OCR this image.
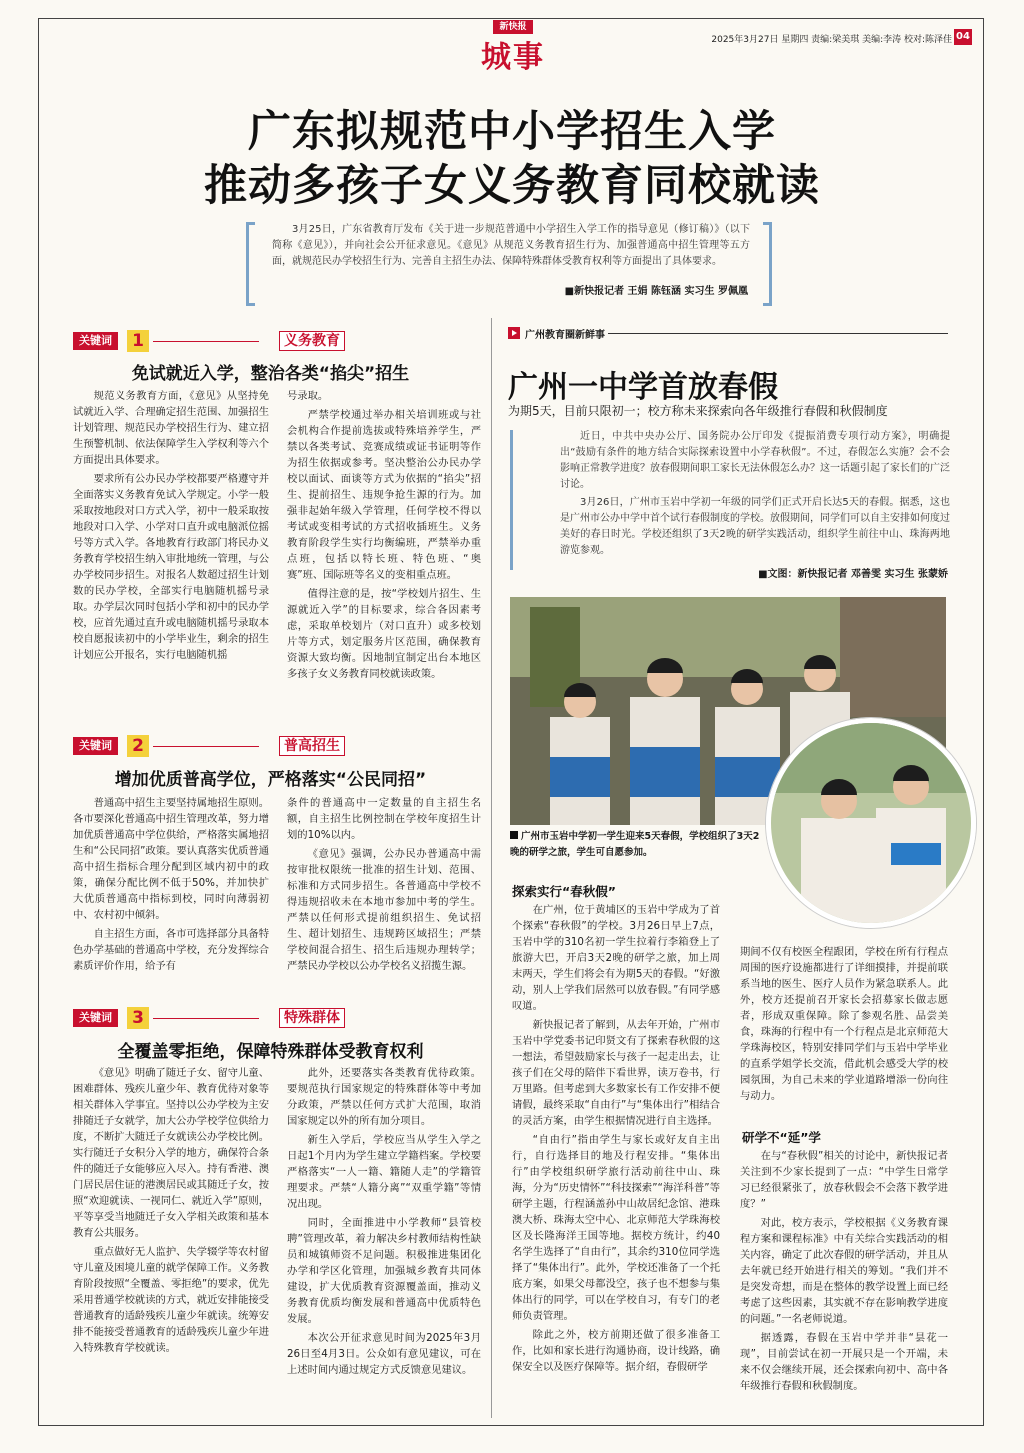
新快报
城事	2025年3月27日 星期四 责编:梁美琪 美编:李涛 校对:陈泽佳 04
广东拟规范中小学招生入学
推动多孩子女义务教育同校就读
3月25日，广东省教育厅发布《关于进一步规范普通中小学招生入学工作的指导意见（修订稿）》（以下简称《意见》），并向社会公开征求意见。《意见》从规范义务教育招生行为、加强普通高中招生管理等五方面，就规范民办学校招生行为、完善自主招生办法、保障特殊群体受教育权利等方面提出了具体要求。
■新快报记者 王娟 陈钰涵 实习生 罗佩凰
关键词	1	义务教育
免试就近入学，整治各类“掐尖”招生

规范义务教育方面，《意见》从坚持免试就近入学、合理确定招生范围、加强招生计划管理、规范民办学校招生行为、建立招生预警机制、依法保障学生入学权利等六个方面提出具体要求。

要求所有公办民办学校都要严格遵守并全面落实义务教育免试入学规定。小学一般采取按地段对口方式入学，初中一般采取按地段对口入学、小学对口直升或电脑派位摇号等方式入学。各地教育行政部门将民办义务教育学校招生纳入审批地统一管理，与公办学校同步招生。对报名人数超过招生计划数的民办学校，全部实行电脑随机摇号录取。办学层次同时包括小学和初中的民办学校，应首先通过直升或电脑随机摇号录取本校自愿报读初中的小学毕业生，剩余的招生计划应公开报名，实行电脑随机摇

号录取。

严禁学校通过举办相关培训班或与社会机构合作提前选拔或特殊培养学生，严禁以各类考试、竞赛成绩或证书证明等作为招生依据或参考。坚决整治公办民办学校以面试、面谈等方式为依据的“掐尖”招生、提前招生、违规争抢生源的行为。加强非起始年级入学管理，任何学校不得以考试或变相考试的方式招收插班生。义务教育阶段学生实行均衡编班，严禁举办重点班，包括以特长班、特色班、“奥赛”班、国际班等名义的变相重点班。

值得注意的是，按“学校划片招生、生源就近入学”的目标要求，综合各因素考虑，采取单校划片（对口直升）或多校划片等方式，划定服务片区范围，确保教育资源大致均衡。因地制宜制定出台本地区多孩子女义务教育同校就读政策。

关键词	2	普高招生
增加优质普高学位，严格落实“公民同招”

普通高中招生主要坚持属地招生原则。各市要深化普通高中招生管理改革，努力增加优质普通高中学位供给，严格落实属地招生和“公民同招”政策。要认真落实优质普通高中招生指标合理分配到区域内初中的政策，确保分配比例不低于50%，并加快扩大优质普通高中指标到校，同时向薄弱初中、农村初中倾斜。

自主招生方面，各市可选择部分具备特色办学基础的普通高中学校，充分发挥综合素质评价作用，给予有

条件的普通高中一定数量的自主招生名额，自主招生比例控制在学校年度招生计划的10%以内。

《意见》强调，公办民办普通高中需按审批权限统一批准的招生计划、范围、标准和方式同步招生。各普通高中学校不得违规招收未在本地市参加中考的学生。严禁以任何形式提前组织招生、免试招生、超计划招生、违规跨区域招生；严禁学校间混合招生、招生后违规办理转学；严禁民办学校以公办学校名义招揽生源。

关键词	3	特殊群体
全覆盖零拒绝，保障特殊群体受教育权利

《意见》明确了随迁子女、留守儿童、困难群体、残疾儿童少年、教育优待对象等相关群体入学事宜。坚持以公办学校为主安排随迁子女就学，加大公办学校学位供给力度，不断扩大随迁子女就读公办学校比例。实行随迁子女积分入学的地方，确保符合条件的随迁子女能够应入尽入。持有香港、澳门居民居住证的港澳居民或其随迁子女，按照“欢迎就读、一视同仁、就近入学”原则，平等享受当地随迁子女入学相关政策和基本教育公共服务。

重点做好无人监护、失学辍学等农村留守儿童及困境儿童的就学保障工作。义务教育阶段按照“全覆盖、零拒绝”的要求，优先采用普通学校就读的方式，就近安排能接受普通教育的适龄残疾儿童少年就读。统筹安排不能接受普通教育的适龄残疾儿童少年进入特殊教育学校就读。

此外，还要落实各类教育优待政策。要规范执行国家规定的特殊群体等中考加分政策，严禁以任何方式扩大范围，取消国家规定以外的所有加分项目。

新生入学后，学校应当从学生入学之日起1个月内为学生建立学籍档案。学校要严格落实“一人一籍、籍随人走”的学籍管理要求。严禁“人籍分离”“双重学籍”等情况出现。

同时，全面推进中小学教师“县管校聘”管理改革，着力解决乡村教师结构性缺员和城镇师资不足问题。积极推进集团化办学和学区化管理，加强城乡教育共同体建设，扩大优质教育资源覆盖面，推动义务教育优质均衡发展和普通高中优质特色发展。

本次公开征求意见时间为2025年3月26日至4月3日。公众如有意见建议，可在上述时间内通过规定方式反馈意见建议。

广州教育圈新鲜事
广州一中学首放春假
为期5天，目前只限初一；校方称未来探索向各年级推行春假和秋假制度

近日，中共中央办公厅、国务院办公厅印发《提振消费专项行动方案》，明确提出“鼓励有条件的地方结合实际探索设置中小学春秋假”。不过，春假怎么实施？会不会影响正常教学进度？放春假期间职工家长无法休假怎么办？这一话题引起了家长们的广泛讨论。

3月26日，广州市玉岩中学初一年级的同学们正式开启长达5天的春假。据悉，这也是广州市公办中学中首个试行春假制度的学校。放假期间，同学们可以自主安排如何度过美好的春日时光。学校还组织了3天2晚的研学实践活动，组织学生前往中山、珠海两地游览参观。

■文图：新快报记者 邓善雯 实习生 张蒙娇
广州市玉岩中学初一学生迎来5天春假，学校组织了3天2晚的研学之旅，学生可自愿参加。
探索实行“春秋假”

在广州，位于黄埔区的玉岩中学成为了首个探索“春秋假”的学校。3月26日早上7点，玉岩中学的310名初一学生拉着行李箱登上了旅游大巴，开启3天2晚的研学之旅，加上周末两天，学生们将会有为期5天的春假。“好激动，别人上学我们居然可以放春假。”有同学感叹道。

新快报记者了解到，从去年开始，广州市玉岩中学党委书记印贤文有了探索春秋假的这一想法，希望鼓励家长与孩子一起走出去，让孩子们在父母的陪伴下看世界，读万卷书，行万里路。但考虑到大多数家长有工作安排不便请假，最终采取“自由行”与“集体出行”相结合的灵活方案，由学生根据情况进行自主选择。

“自由行”指由学生与家长或好友自主出行，自行选择目的地及行程安排。“集体出行”由学校组织研学旅行活动前往中山、珠海，分为“历史情怀”“科技探索”“海洋科普”等研学主题，行程涵盖孙中山故居纪念馆、港珠澳大桥、珠海太空中心、北京师范大学珠海校区及长隆海洋王国等地。据校方统计，约40名学生选择了“自由行”，其余约310位同学选择了“集体出行”。此外，学校还准备了一个托底方案，如果父母都没空，孩子也不想参与集体出行的同学，可以在学校自习，有专门的老师负责管理。

除此之外，校方前期还做了很多准备工作，比如和家长进行沟通协商，设计线路，确保安全以及医疗保障等。据介绍，春假研学

期间不仅有校医全程跟团，学校在所有行程点周围的医疗设施都进行了详细摸排，并提前联系当地的医生、医疗人员作为紧急联系人。此外，校方还提前召开家长会招募家长做志愿者，形成双重保障。除了参观名胜、品尝美食，珠海的行程中有一个行程点是北京师范大学珠海校区，特别安排同学们与玉岩中学毕业的直系学姐学长交流，借此机会感受大学的校园氛围，为自己未来的学业道路增添一份向往与动力。

研学不“延”学

在与“春秋假”相关的讨论中，新快报记者关注到不少家长提到了一点：“中学生日常学习已经很紧张了，放春秋假会不会落下教学进度？”

对此，校方表示，学校根据《义务教育课程方案和课程标准》中有关综合实践活动的相关内容，确定了此次春假的研学活动，并且从去年就已经开始进行相关的筹划。“我们并不是突发奇想，而是在整体的教学设置上面已经考虑了这些因素，其实就不存在影响教学进度的问题。”一名老师说道。

据透露，春假在玉岩中学并非“昙花一现”，目前尝试在初一开展只是一个开端，未来不仅会继续开展，还会探索向初中、高中各年级推行春假和秋假制度。
